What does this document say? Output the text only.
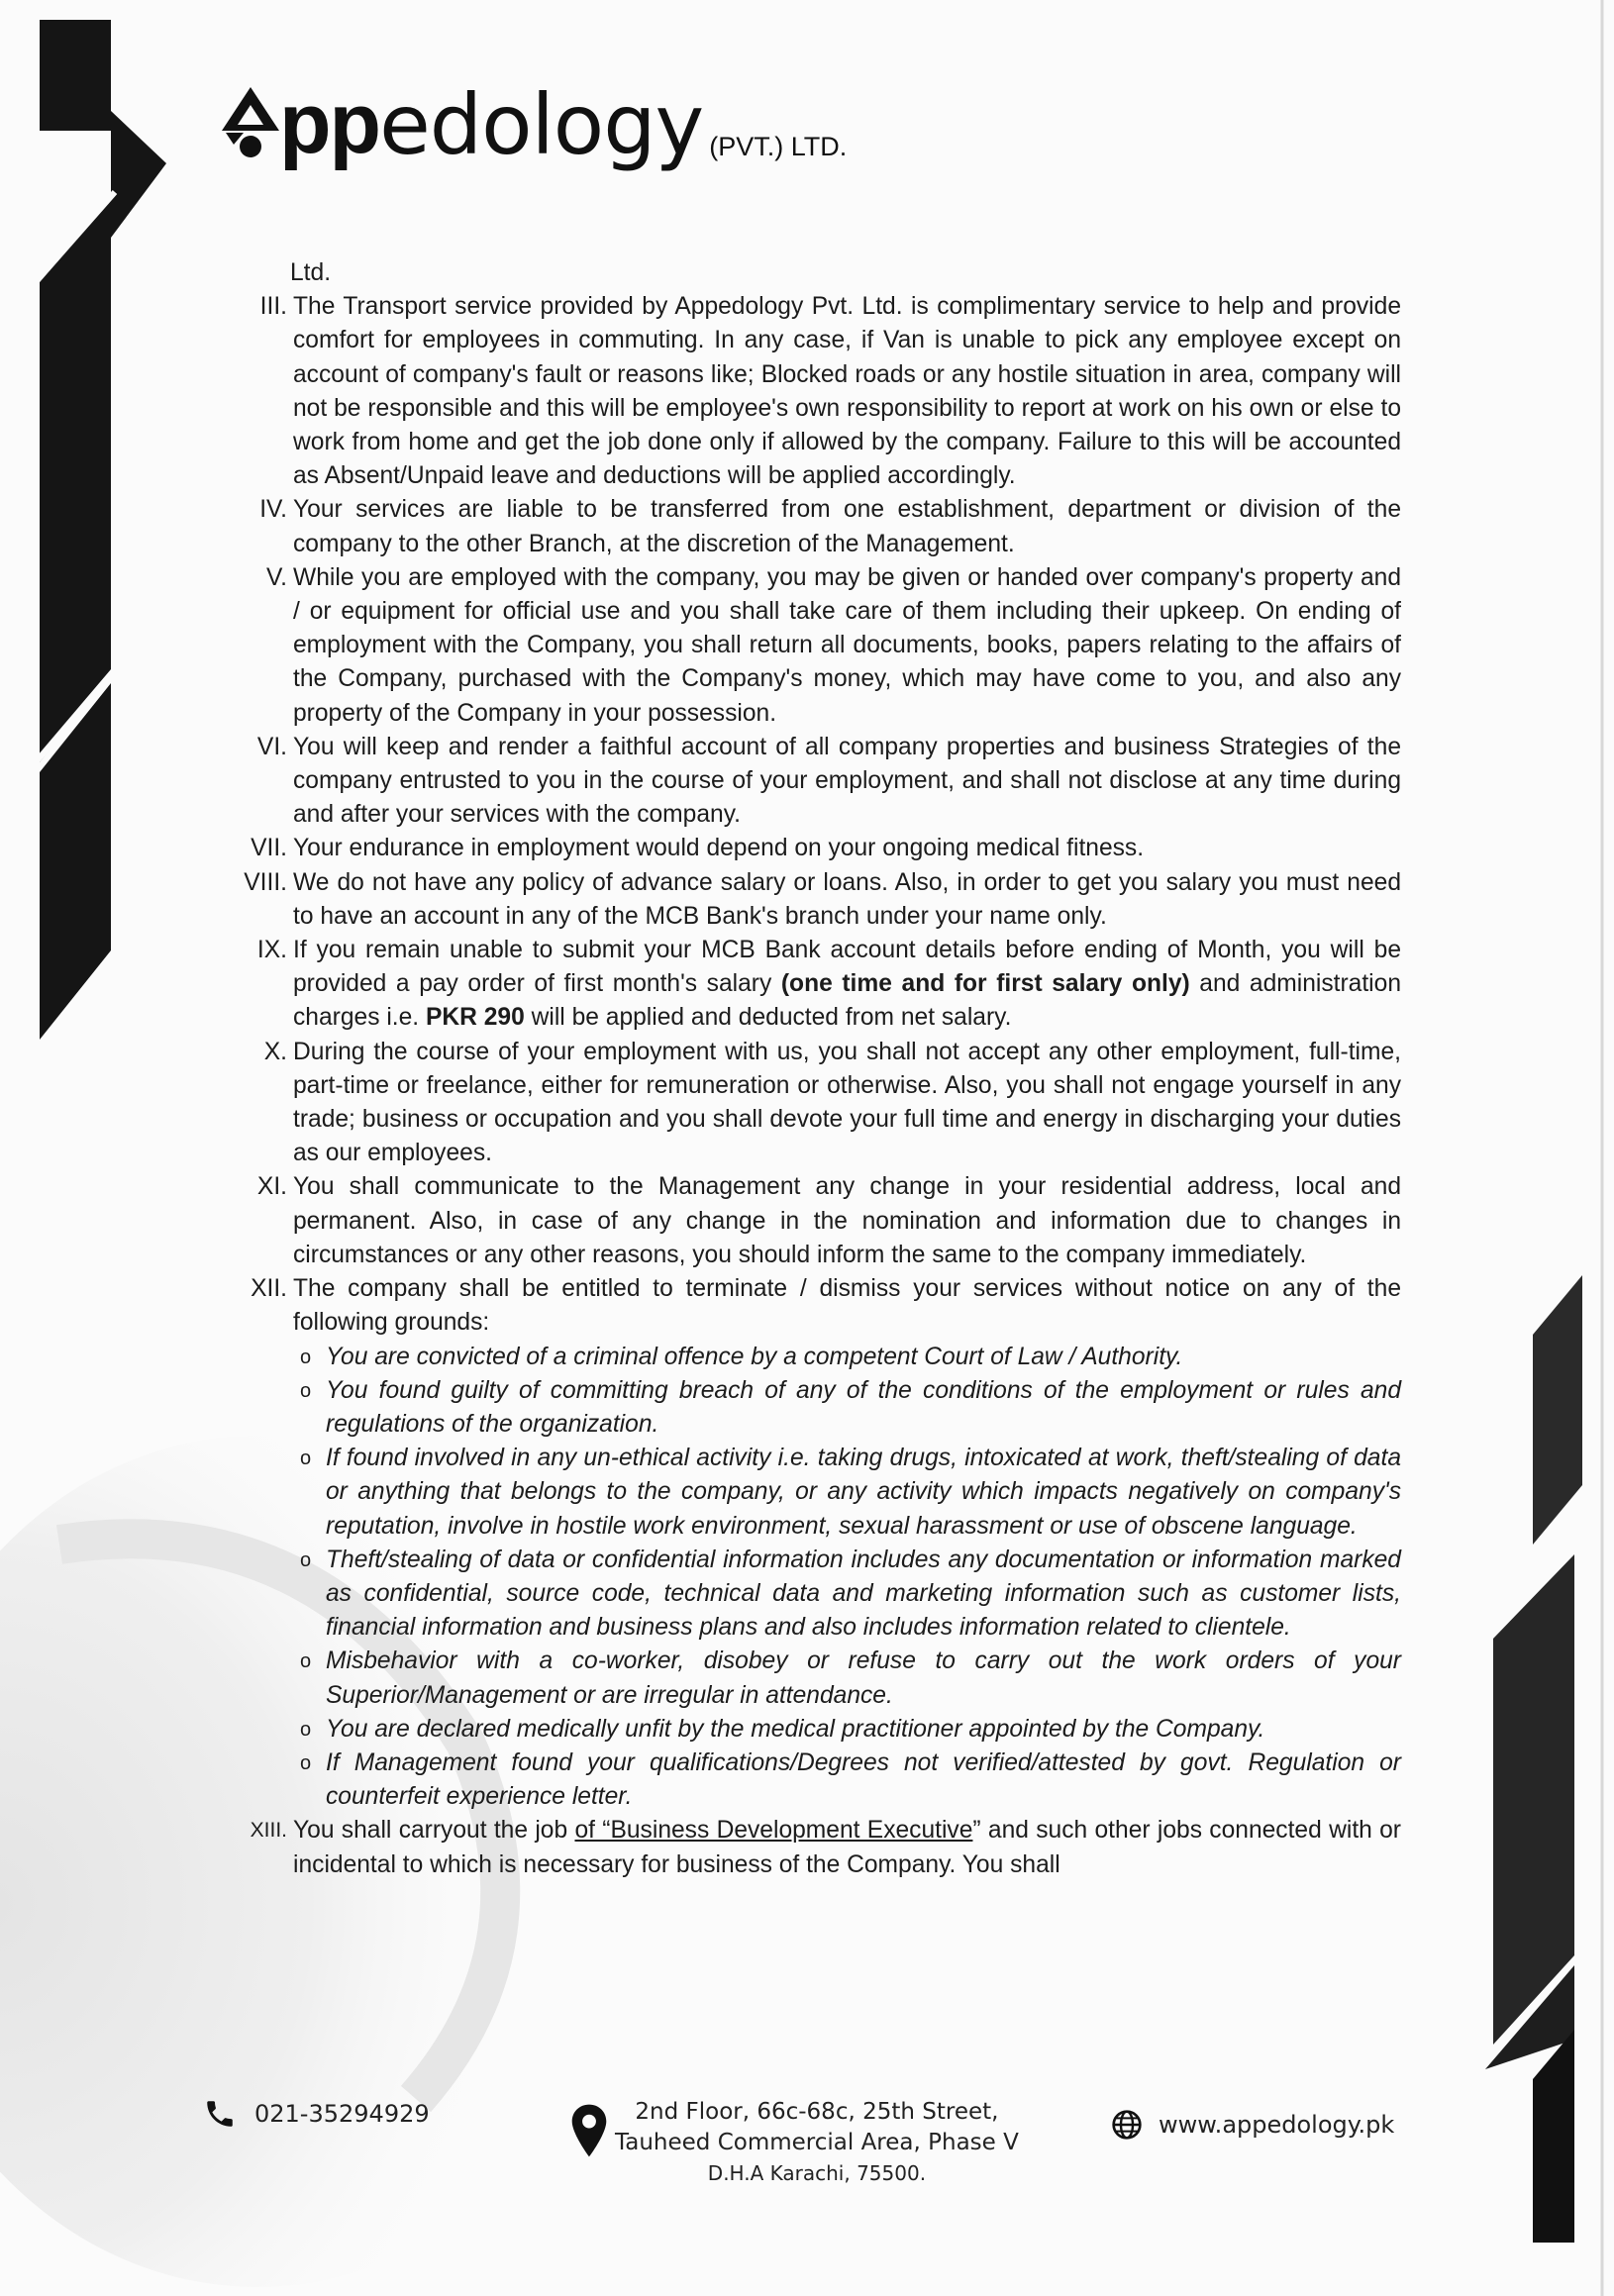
pp edology (PVT.) LTD.
Ltd.
III. The Transport service provided by Appedology Pvt. Ltd. is complimentary service to help and provide comfort for employees in commuting. In any case, if Van is unable to pick any employee except on account of company's fault or reasons like; Blocked roads or any hostile situation in area, company will not be responsible and this will be employee's own responsibility to report at work on his own or else to work from home and get the job done only if allowed by the company. Failure to this will be accounted as Absent/Unpaid leave and deductions will be applied accordingly.
IV. Your services are liable to be transferred from one establishment, department or division of the company to the other Branch, at the discretion of the Management.
V. While you are employed with the company, you may be given or handed over company's property and / or equipment for official use and you shall take care of them including their upkeep. On ending of employment with the Company, you shall return all documents, books, papers relating to the affairs of the Company, purchased with the Company's money, which may have come to you, and also any property of the Company in your possession.
VI. You will keep and render a faithful account of all company properties and business Strategies of the company entrusted to you in the course of your employment, and shall not disclose at any time during and after your services with the company.
VII. Your endurance in employment would depend on your ongoing medical fitness.
VIII. We do not have any policy of advance salary or loans. Also, in order to get you salary you must need to have an account in any of the MCB Bank's branch under your name only.
IX. If you remain unable to submit your MCB Bank account details before ending of Month, you will be provided a pay order of first month's salary (one time and for first salary only) and administration charges i.e. PKR 290 will be applied and deducted from net salary.
X. During the course of your employment with us, you shall not accept any other employment, full-time, part-time or freelance, either for remuneration or otherwise. Also, you shall not engage yourself in any trade; business or occupation and you shall devote your full time and energy in discharging your duties as our employees.
XI. You shall communicate to the Management any change in your residential address, local and permanent. Also, in case of any change in the nomination and information due to changes in circumstances or any other reasons, you should inform the same to the company immediately.
XII. The company shall be entitled to terminate / dismiss your services without notice on any of the following grounds:
o You are convicted of a criminal offence by a competent Court of Law / Authority.
o You found guilty of committing breach of any of the conditions of the employment or rules and regulations of the organization.
o If found involved in any un-ethical activity i.e. taking drugs, intoxicated at work, theft/stealing of data or anything that belongs to the company, or any activity which impacts negatively on company's reputation, involve in hostile work environment, sexual harassment or use of obscene language.
o Theft/stealing of data or confidential information includes any documentation or information marked as confidential, source code, technical data and marketing information such as customer lists, financial information and business plans and also includes information related to clientele.
o Misbehavior with a co-worker, disobey or refuse to carry out the work orders of your Superior/Management or are irregular in attendance.
o You are declared medically unfit by the medical practitioner appointed by the Company.
o If Management found your qualifications/Degrees not verified/attested by govt. Regulation or counterfeit experience letter.
XIII. You shall carryout the job of “Business Development Executive” and such other jobs connected with or incidental to which is necessary for business of the Company. You shall
021-35294929	2nd Floor, 66c-68c, 25th Street,
Tauheed Commercial Area, Phase V
D.H.A Karachi, 75500.
www.appedology.pk
